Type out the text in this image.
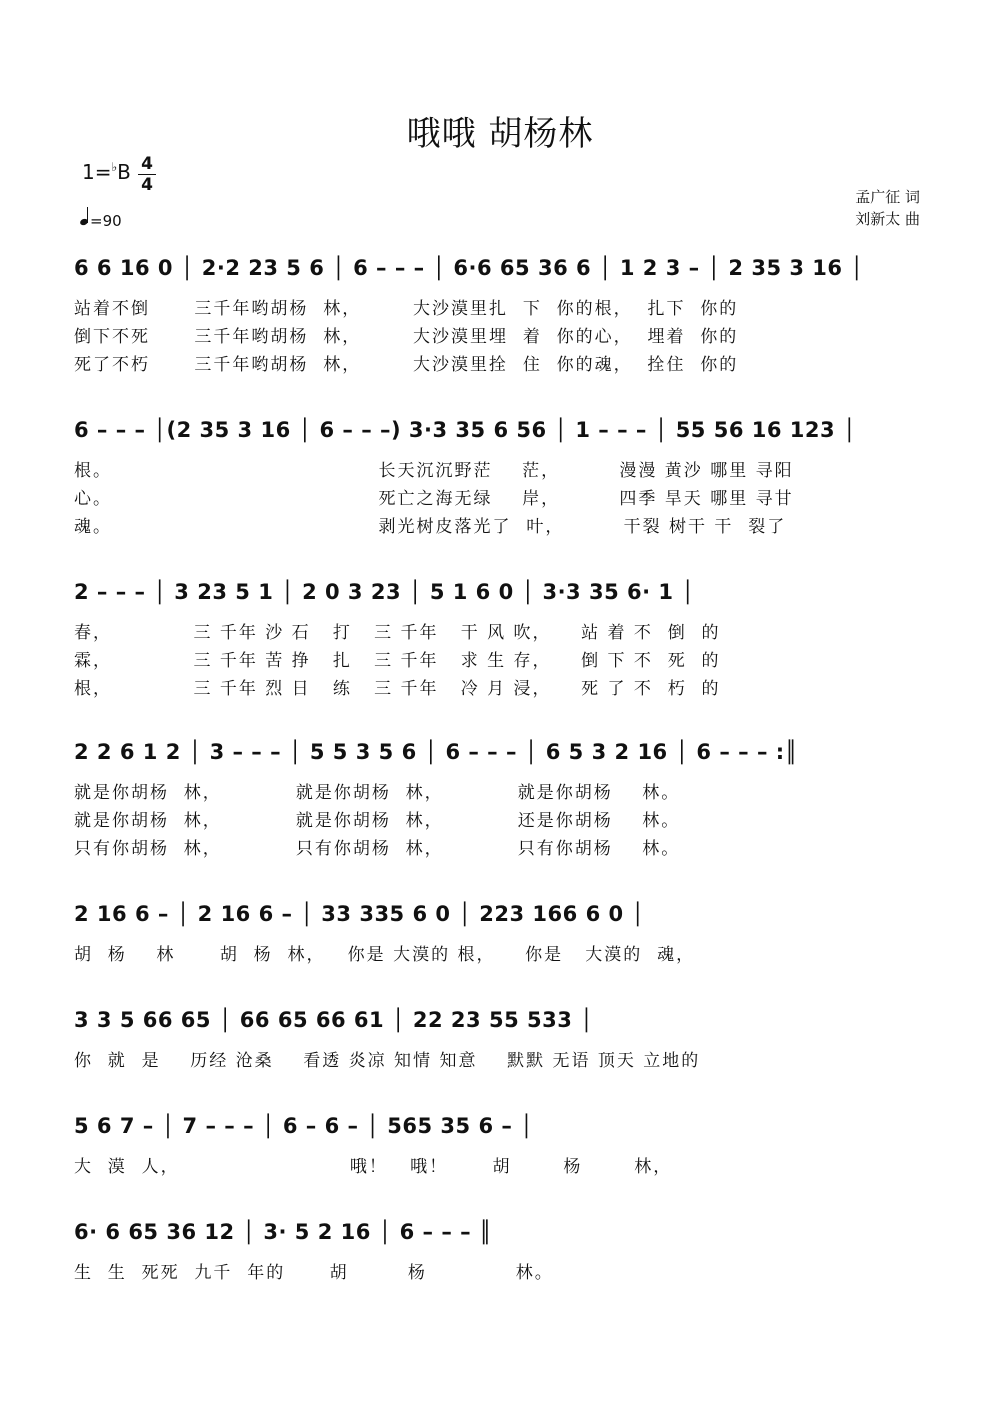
哦哦 胡杨林
1=♭B 4
4
=90
孟广征 词
刘新太 曲
6 6 16 0 │ 2·2 23 5 6 │ 6 – – – │ 6·6 65 36 6 │ 1 2 3 – │ 2 35 3 16 │
站着不倒      三千年哟胡杨  林，       大沙漠里扎  下  你的根，  扎下  你的
倒下不死      三千年哟胡杨  林，       大沙漠里埋  着  你的心，  埋着  你的
死了不朽      三千年哟胡杨  林，       大沙漠里拴  住  你的魂，  拴住  你的
6 – – – │(2 35 3 16 │ 6 – – –) 3·3 35 6 56 │ 1 – – – │ 55 56 16 123 │
根。                                    长天沉沉野茫    茫，        漫漫 黄沙 哪里 寻阳
心。                                    死亡之海无绿    岸，        四季 旱天 哪里 寻甘
魂。                                    剥光树皮落光了  叶，        干裂 树干 干  裂了
2 – – – │ 3 23 5 1 │ 2 0 3 23 │ 5 1 6 0 │ 3·3 35 6· 1 │
春，           三 千年 沙 石   打   三 千年   干 风 吹，    站 着 不  倒  的
霖，           三 千年 苦 挣   扎   三 千年   求 生 存，    倒 下 不  死  的
根，           三 千年 烈 日   练   三 千年   冷 月 浸，    死 了 不  朽  的
2 2 6 1 2 │ 3 – – – │ 5 5 3 5 6 │ 6 – – – │ 6 5 3 2 16 │ 6 – – – :║
就是你胡杨  林，          就是你胡杨  林，          就是你胡杨    林。
就是你胡杨  林，          就是你胡杨  林，          还是你胡杨    林。
只有你胡杨  林，          只有你胡杨  林，          只有你胡杨    林。
2 16 6 – │ 2 16 6 – │ 33 335 6 0 │ 223 166 6 0 │
胡  杨    林      胡  杨  林，   你是 大漠的 根，    你是   大漠的  魂，
3 3 5 66 65 │ 66 65 66 61 │ 22 23 55 533 │
你  就  是    历经 沧桑    看透 炎凉 知情 知意    默默 无语 顶天 立地的
5 6 7 – │ 7 – – – │ 6 – 6 – │ 565 35 6 – │
大  漠  人，                       哦！   哦！      胡       杨       林，
6· 6 65 36 12 │ 3· 5 2 16 │ 6 – – – ║
生  生  死死  九千  年的      胡        杨            林。
